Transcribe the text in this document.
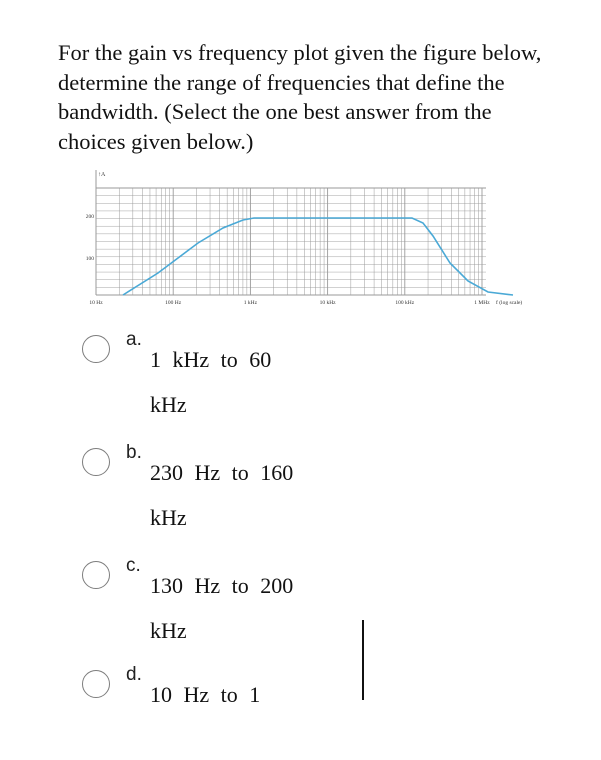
For the gain vs frequency plot given the figure below, determine the range of frequencies that define the bandwidth. (Select the one best answer from the choices given below.)

↑A
200
100
10 Hz	100 Hz	1 kHz	10 kHz	100 kHz	1 MHz f (log scale)
a.
1 kHz to 60
kHz
b.
230 Hz to 160
kHz
c.
130 Hz to 200
kHz
d.
10 Hz to 1
